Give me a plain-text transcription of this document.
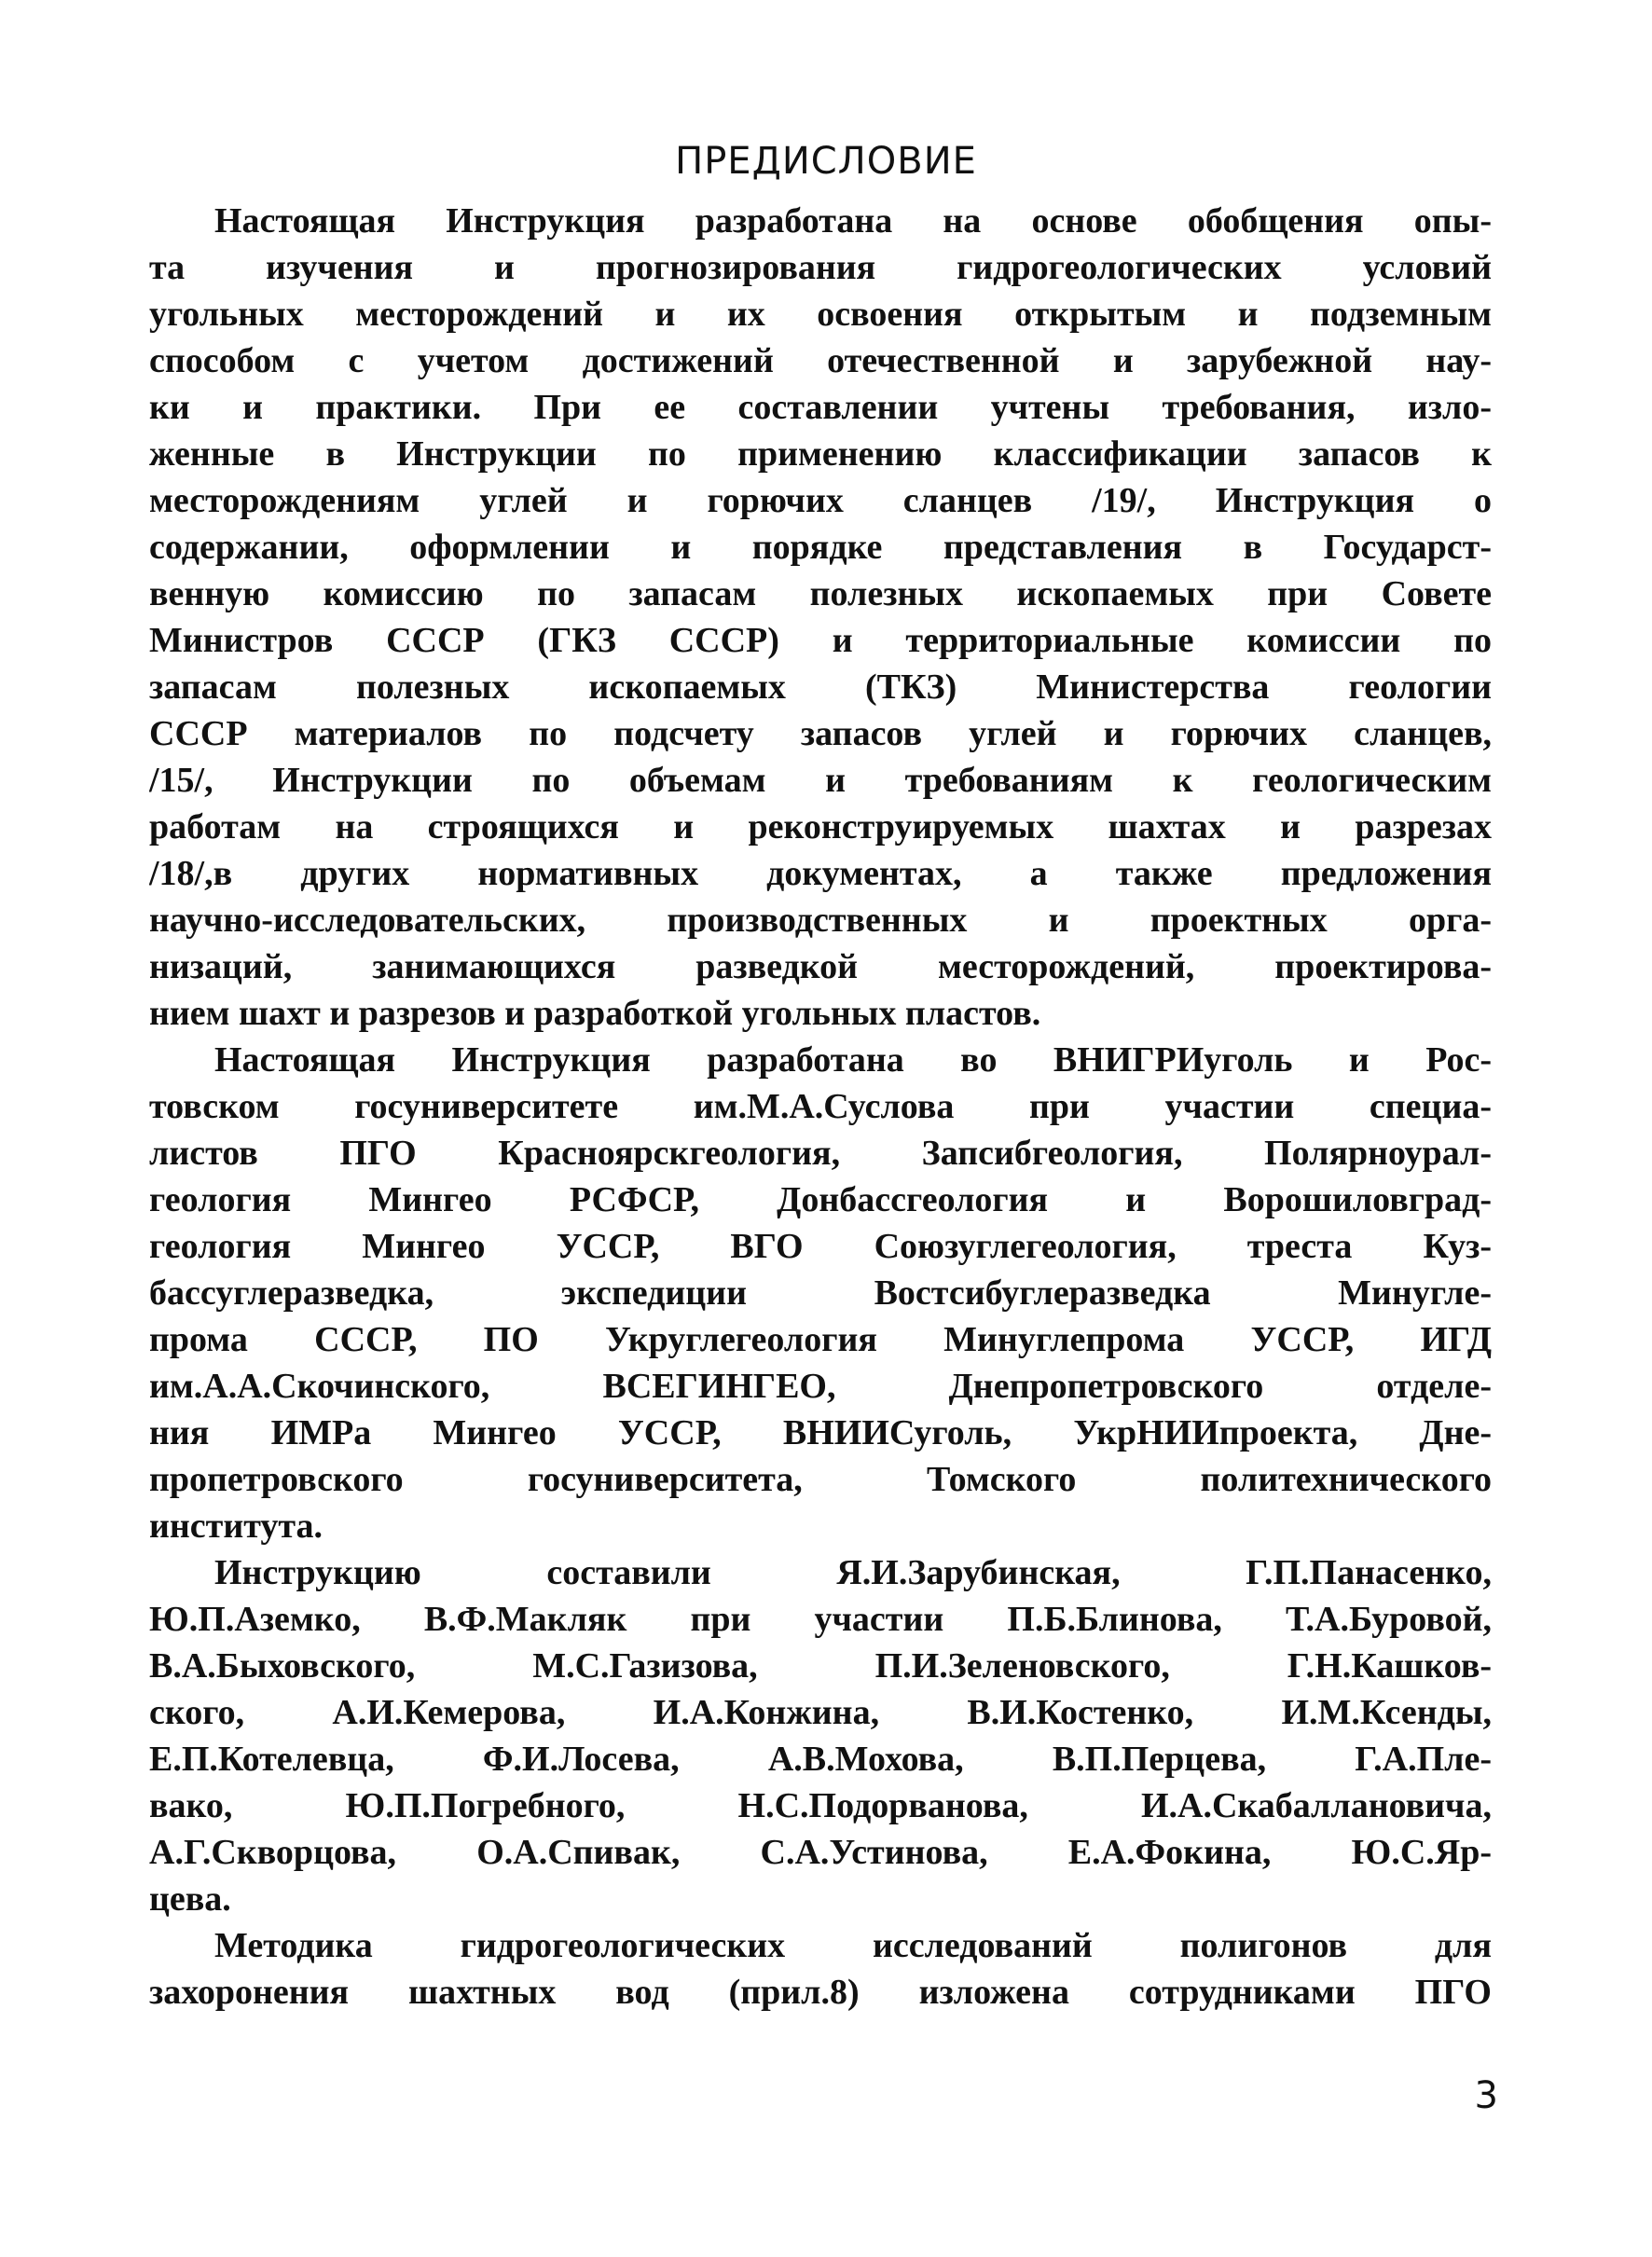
ПРЕДИСЛОВИЕ
Настоящая Инструкция разработана на основе обобщения опы-
та изучения и прогнозирования гидрогеологических условий
угольных месторождений и их освоения открытым и подземным
способом с учетом достижений отечественной и зарубежной нау-
ки и практики. При ее составлении учтены требования, изло-
женные в Инструкции по применению классификации запасов к
месторождениям углей и горючих сланцев /19/, Инструкция о
содержании, оформлении и порядке представления в Государст-
венную комиссию по запасам полезных ископаемых при Совете
Министров СССР (ГКЗ СССР) и территориальные комиссии по
запасам полезных ископаемых (ТКЗ) Министерства геологии
СССР материалов по подсчету запасов углей и горючих сланцев,
/15/, Инструкции по объемам и требованиям к геологическим
работам на строящихся и реконструируемых шахтах и разрезах
/18/,в других нормативных документах, а также предложения
научно-исследовательских, производственных и проектных орга-
низаций, занимающихся разведкой месторождений, проектирова-
нием шахт и разрезов и разработкой угольных пластов.
Настоящая Инструкция разработана во ВНИГРИуголь и Рос-
товском госуниверситете им.М.А.Суслова при участии специа-
листов ПГО Красноярскгеология, Запсибгеология, Полярноурал-
геология Мингео РСФСР, Донбассгеология и Ворошиловград-
геология Мингео УССР, ВГО Союзуглегеология, треста Куз-
бассуглеразведка, экспедиции Востсибуглеразведка Минугле-
прома СССР, ПО Укруглегеология Минуглепрома УССР, ИГД
им.А.А.Скочинского, ВСЕГИНГЕО, Днепропетровского отделе-
ния ИМРа Мингео УССР, ВНИИСуголь, УкрНИИпроекта, Дне-
пропетровского госуниверситета, Томского политехнического
института.
Инструкцию составили Я.И.Зарубинская, Г.П.Панасенко,
Ю.П.Аземко, В.Ф.Макляк при участии П.Б.Блинова, Т.А.Буровой,
В.А.Быховского, М.С.Газизова, П.И.Зеленовского, Г.Н.Кашков-
ского, А.И.Кемерова, И.А.Конжина, В.И.Костенко, И.М.Ксенды,
Е.П.Котелевца, Ф.И.Лосева, А.В.Мохова, В.П.Перцева, Г.А.Пле-
вако, Ю.П.Погребного, Н.С.Подорванова, И.А.Скабаллановича,
А.Г.Скворцова, О.А.Спивак, С.А.Устинова, Е.А.Фокина, Ю.С.Яр-
цева.
Методика гидрогеологических исследований полигонов для
захоронения шахтных вод (прил.8) изложена сотрудниками ПГО
3
